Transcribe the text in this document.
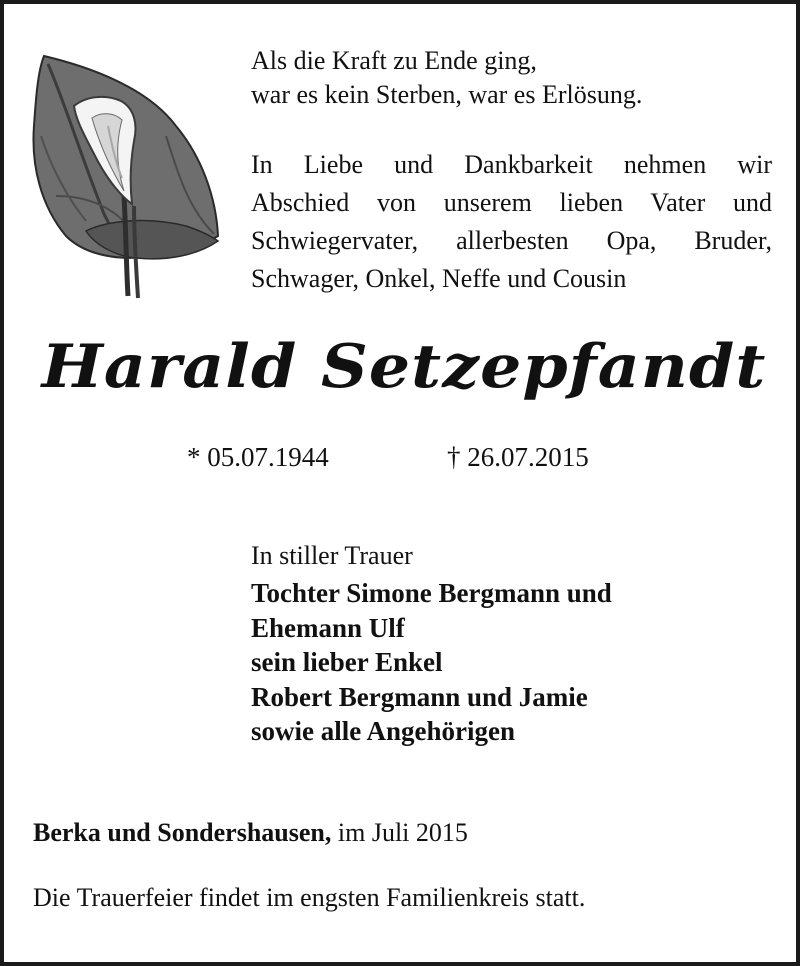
Als die Kraft zu Ende ging,
war es kein Sterben, war es Erlösung.
In Liebe und Dankbarkeit nehmen wir
Abschied von unserem lieben Vater und
Schwiegervater, allerbesten Opa, Bruder,
Schwager, Onkel, Neffe und Cousin
Harald Setzepfandt
* 05.07.1944	† 26.07.2015
In stiller Trauer
Tochter Simone Bergmann und
Ehemann Ulf
sein lieber Enkel
Robert Bergmann und Jamie
sowie alle Angehörigen
Berka und Sondershausen, im Juli 2015
Die Trauerfeier findet im engsten Familienkreis statt.
